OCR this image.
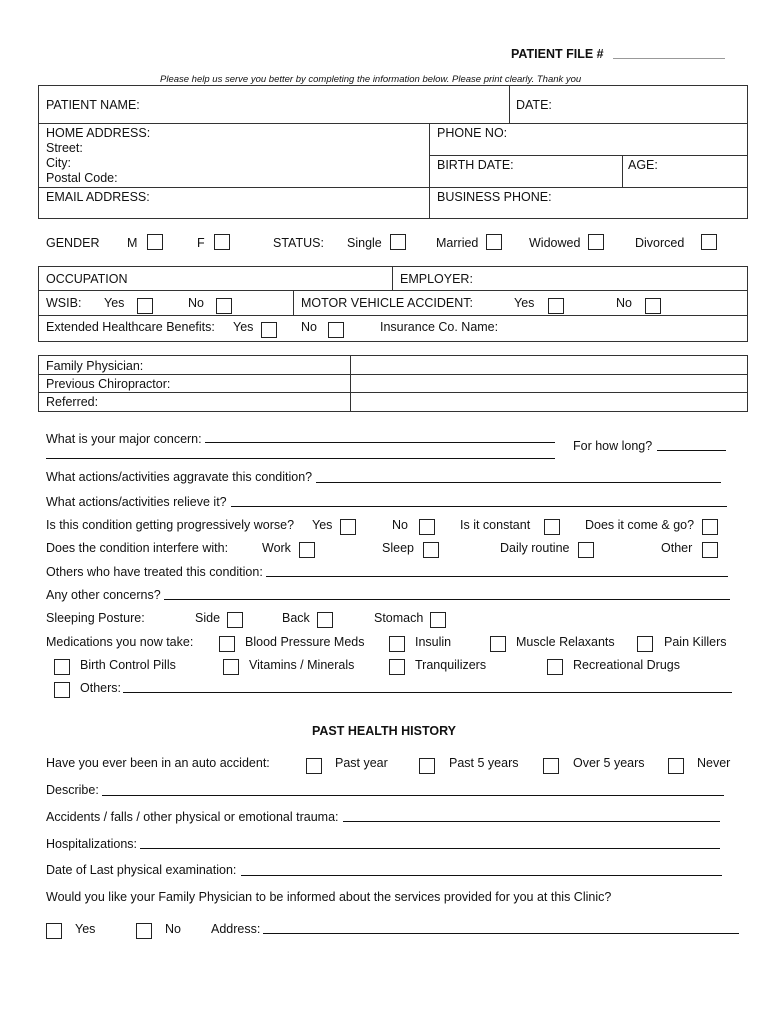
PATIENT FILE #
Please help us serve you better by completing the information below. Please print clearly. Thank you
PATIENT NAME:	DATE:
HOME ADDRESS:
Street:
City:
Postal Code:
PHONE NO:
BIRTH DATE:	AGE:
EMAIL ADDRESS:	BUSINESS PHONE:
GENDER M	F	STATUS: Single	Married	Widowed	Divorced
OCCUPATION	EMPLOYER:
WSIB: Yes	No	MOTOR VEHICLE ACCIDENT:	Yes	No
Extended Healthcare Benefits: Yes	No	Insurance Co. Name:
Family Physician:
Previous Chiropractor:
Referred:
What is your major concern:	For how long?
What actions/activities aggravate this condition?
What actions/activities relieve it?
Is this condition getting progressively worse? Yes	No	Is it constant	Does it come & go?
Does the condition interfere with:	Work	Sleep	Daily routine	Other
Others who have treated this condition:
Any other concerns?
Sleeping Posture:	Side	Back	Stomach
Medications you now take:	Blood Pressure Meds	Insulin	Muscle Relaxants	Pain Killers
Birth Control Pills	Vitamins / Minerals	Tranquilizers	Recreational Drugs
Others:
PAST HEALTH HISTORY
Have you ever been in an auto accident:	Past year	Past 5 years	Over 5 years	Never
Describe:
Accidents / falls / other physical or emotional trauma:
Hospitalizations:
Date of Last physical examination:
Would you like your Family Physician to be informed about the services provided for you at this Clinic?
Yes	No Address:
